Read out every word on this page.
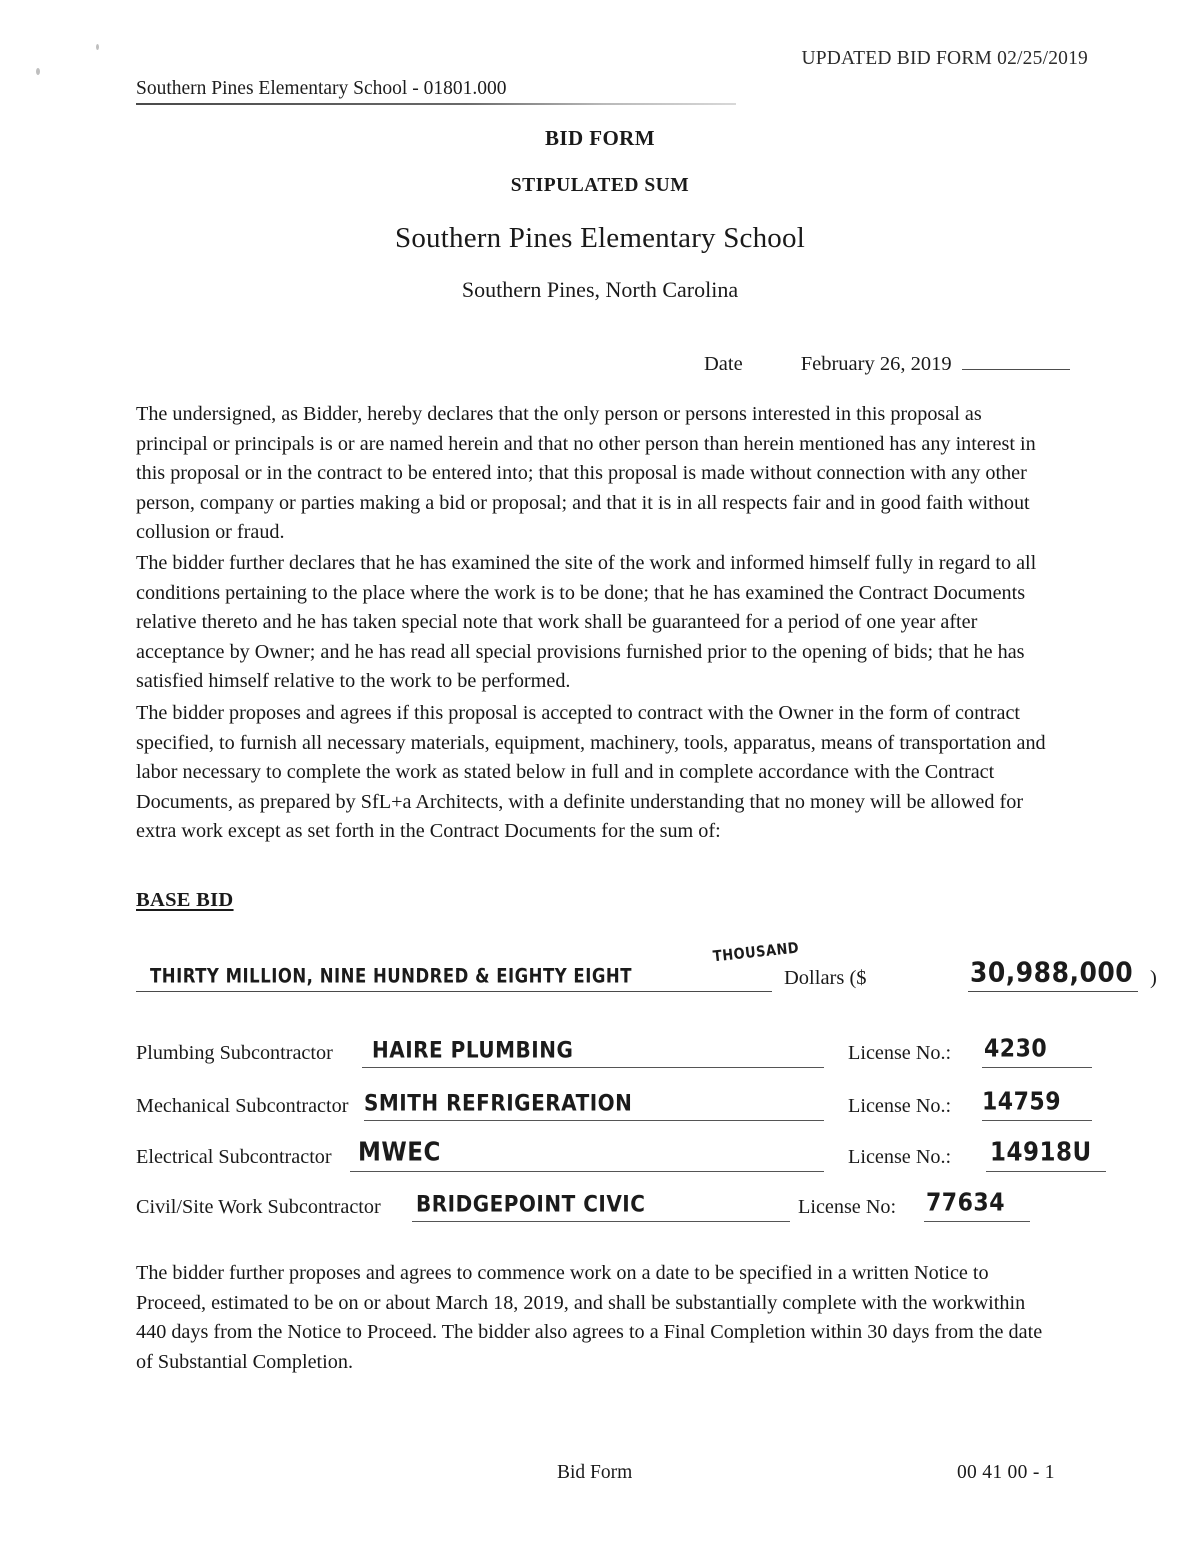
UPDATED BID FORM 02/25/2019
Southern Pines Elementary School - 01801.000
BID FORM
STIPULATED SUM
Southern Pines Elementary School
Southern Pines, North Carolina
Date	February 26, 2019
The undersigned, as Bidder, hereby declares that the only person or persons interested in this proposal as principal or principals is or are named herein and that no other person than herein mentioned has any interest in this proposal or in the contract to be entered into; that this proposal is made without connection with any other person, company or parties making a bid or proposal; and that it is in all respects fair and in good faith without collusion or fraud.
The bidder further declares that he has examined the site of the work and informed himself fully in regard to all conditions pertaining to the place where the work is to be done; that he has examined the Contract Documents relative thereto and he has taken special note that work shall be guaranteed for a period of one year after acceptance by Owner; and he has read all special provisions furnished prior to the opening of bids; that he has satisfied himself relative to the work to be performed.
The bidder proposes and agrees if this proposal is accepted to contract with the Owner in the form of contract specified, to furnish all necessary materials, equipment, machinery, tools, apparatus, means of transportation and labor necessary to complete the work as stated below in full and in complete accordance with the Contract Documents, as prepared by SfL+a Architects, with a definite understanding that no money will be allowed for extra work except as set forth in the Contract Documents for the sum of:
BASE BID
THIRTY MILLION, NINE HUNDRED & EIGHTY EIGHT
THOUSAND
Dollars ($	30,988,000 )
Plumbing Subcontractor HAIRE PLUMBING	License No.: 4230
Mechanical Subcontractor SMITH REFRIGERATION	License No.: 14759
Electrical Subcontractor MWEC	License No.: 14918U
Civil/Site Work Subcontractor BRIDGEPOINT CIVIC	License No: 77634
The bidder further proposes and agrees to commence work on a date to be specified in a written Notice to Proceed, estimated to be on or about March 18, 2019, and shall be substantially complete with the workwithin 440 days from the Notice to Proceed. The bidder also agrees to a Final Completion within 30 days from the date of Substantial Completion.
Bid Form	00 41 00 - 1
